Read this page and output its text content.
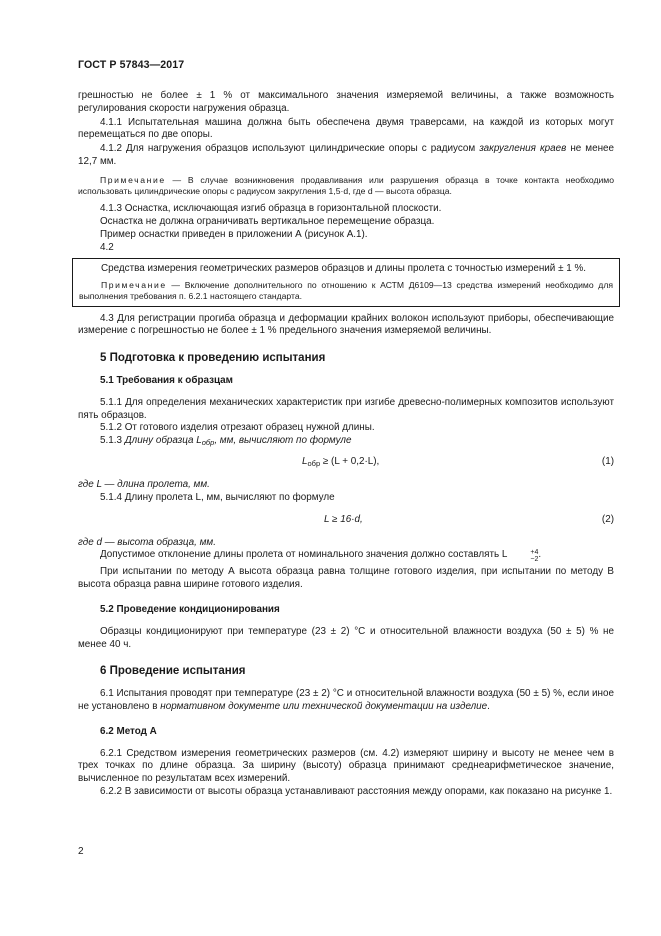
ГОСТ Р 57843—2017

грешностью не более ± 1 % от максимального значения измеряемой величины, а также возможность регулирования скорости нагружения образца.

4.1.1 Испытательная машина должна быть обеспечена двумя траверсами, на каждой из которых могут перемещаться по две опоры.

4.1.2 Для нагружения образцов используют цилиндрические опоры с радиусом закругления краев не менее 12,7 мм.

Примечание — В случае возникновения продавливания или разрушения образца в точке контакта необходимо использовать цилиндрические опоры с радиусом закругления 1,5·d, где d — высота образца.

4.1.3 Оснастка, исключающая изгиб образца в горизонтальной плоскости.

Оснастка не должна ограничивать вертикальное перемещение образца.

Пример оснастки приведен в приложении А (рисунок А.1).

4.2

Средства измерения геометрических размеров образцов и длины пролета с точностью измерений ± 1 %.

Примечание — Включение дополнительного по отношению к АСТМ Д6109—13 средства измерений необходимо для выполнения требования п. 6.2.1 настоящего стандарта.

4.3 Для регистрации прогиба образца и деформации крайних волокон используют приборы, обеспечивающие измерение с погрешностью не более ± 1 % предельного значения измеряемой величины.

5 Подготовка к проведению испытания

5.1 Требования к образцам

5.1.1 Для определения механических характеристик при изгибе древесно-полимерных композитов используют пять образцов.

5.1.2 От готового изделия отрезают образец нужной длины.

5.1.3 Длину образца $L_{обр}$, мм, вычисляют по формуле

$L_{обр} \ge (L + 0,2\cdot L)$,	(1)

где L — длина пролета, мм.

5.1.4 Длину пролета L, мм, вычисляют по формуле

L ≥ 16·d,	(2)

где d — высота образца, мм.

Допустимое отклонение длины пролета от номинального значения должно составлять L	+4
−2 .

При испытании по методу А высота образца равна толщине готового изделия, при испытании по методу В высота образца равна ширине готового изделия.

5.2 Проведение кондиционирования

Образцы кондиционируют при температуре (23 ± 2) °С и относительной влажности воздуха (50 ± 5) % не менее 40 ч.

6 Проведение испытания

6.1 Испытания проводят при температуре (23 ± 2) °С и относительной влажности воздуха (50 ± 5) %, если иное не установлено в нормативном документе или технической документации на изделие.

6.2 Метод А

6.2.1 Средством измерения геометрических размеров (см. 4.2) измеряют ширину и высоту не менее чем в трех точках по длине образца. За ширину (высоту) образца принимают среднеарифметическое значение, вычисленное по результатам всех измерений.

6.2.2 В зависимости от высоты образца устанавливают расстояния между опорами, как показано на рисунке 1.

2
